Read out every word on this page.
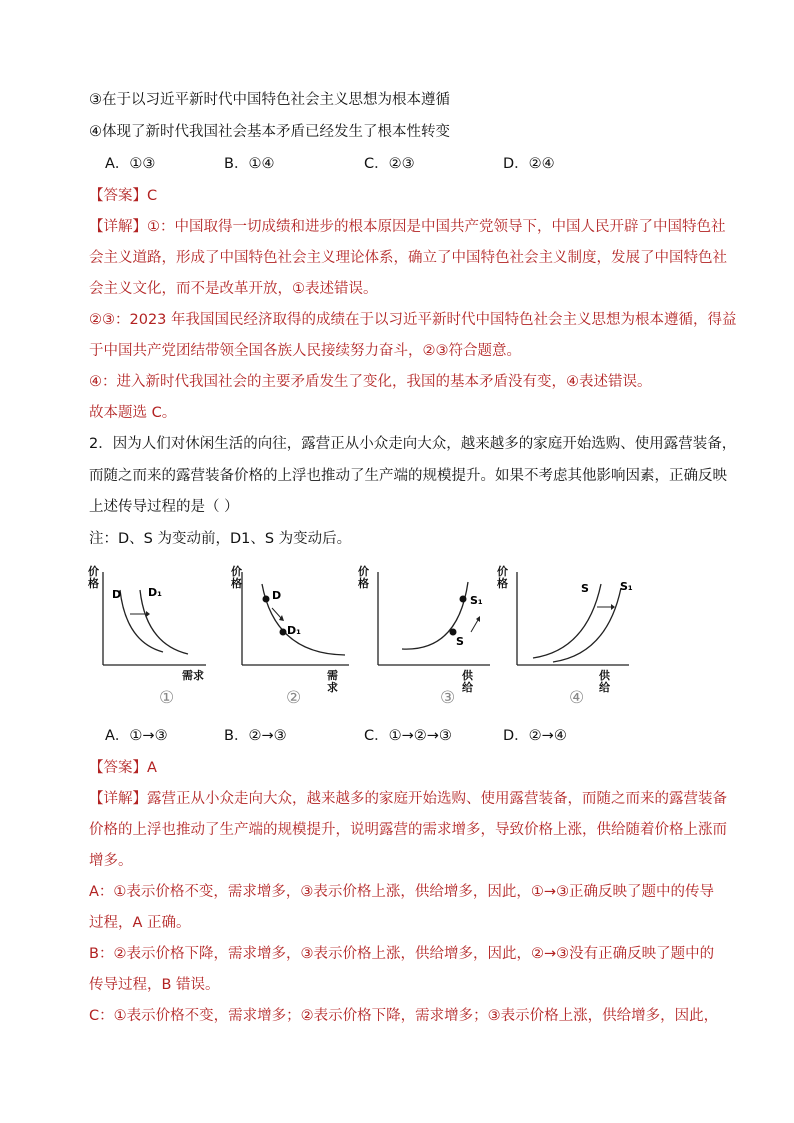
③在于以习近平新时代中国特色社会主义思想为根本遵循
④体现了新时代我国社会基本矛盾已经发生了根本性转变
A．①③	B．①④	C．②③	D．②④
【答案】C
【详解】①：中国取得一切成绩和进步的根本原因是中国共产党领导下，中国人民开辟了中国特色社
会主义道路，形成了中国特色社会主义理论体系，确立了中国特色社会主义制度，发展了中国特色社
会主义文化，而不是改革开放，①表述错误。
②③：2023 年我国国民经济取得的成绩在于以习近平新时代中国特色社会主义思想为根本遵循，得益
于中国共产党团结带领全国各族人民接续努力奋斗，②③符合题意。
④：进入新时代我国社会的主要矛盾发生了变化，我国的基本矛盾没有变，④表述错误。
故本题选 C。
2．因为人们对休闲生活的向往，露营正从小众走向大众，越来越多的家庭开始选购、使用露营装备，
而随之而来的露营装备价格的上浮也推动了生产端的规模提升。如果不考虑其他影响因素，正确反映
上述传导过程的是（ ）
注：D、S 为变动前，D1、S 为变动后。
价格
D D₁
需求
①
价格
D
D₁
需求
②
价格
S
S₁
供给
③
价格	S	S₁
供给
④
A．①→③	B．②→③	C．①→②→③	D．②→④
【答案】A
【详解】露营正从小众走向大众，越来越多的家庭开始选购、使用露营装备，而随之而来的露营装备
价格的上浮也推动了生产端的规模提升，说明露营的需求增多，导致价格上涨，供给随着价格上涨而
增多。
A：①表示价格不变，需求增多，③表示价格上涨，供给增多，因此，①→③正确反映了题中的传导
过程，A 正确。
B：②表示价格下降，需求增多，③表示价格上涨，供给增多，因此，②→③没有正确反映了题中的
传导过程，B 错误。
C：①表示价格不变，需求增多；②表示价格下降，需求增多；③表示价格上涨，供给增多，因此，
